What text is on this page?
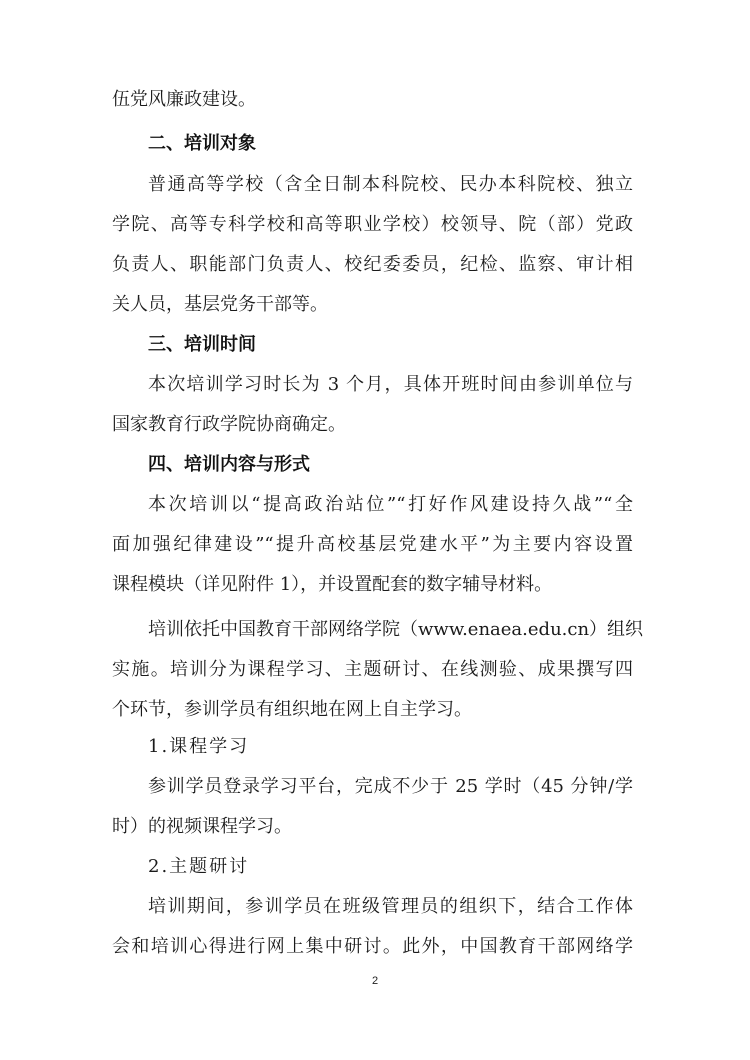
伍党风廉政建设。
二、培训对象
普通高等学校（含全日制本科院校、民办本科院校、独立
学院、高等专科学校和高等职业学校）校领导、院（部）党政
负责人、职能部门负责人、校纪委委员，纪检、监察、审计相
关人员，基层党务干部等。
三、培训时间
本次培训学习时长为 3 个月，具体开班时间由参训单位与
国家教育行政学院协商确定。
四、培训内容与形式
本次培训以“提高政治站位”“打好作风建设持久战”“全
面加强纪律建设”“提升高校基层党建水平”为主要内容设置
课程模块（详见附件 1），并设置配套的数字辅导材料。
培训依托中国教育干部网络学院（www.enaea.edu.cn）组织
实施。培训分为课程学习、主题研讨、在线测验、成果撰写四
个环节，参训学员有组织地在网上自主学习。
1.课程学习
参训学员登录学习平台，完成不少于 25 学时（45 分钟/学
时）的视频课程学习。
2.主题研讨
培训期间，参训学员在班级管理员的组织下，结合工作体
会和培训心得进行网上集中研讨。此外，中国教育干部网络学
2
